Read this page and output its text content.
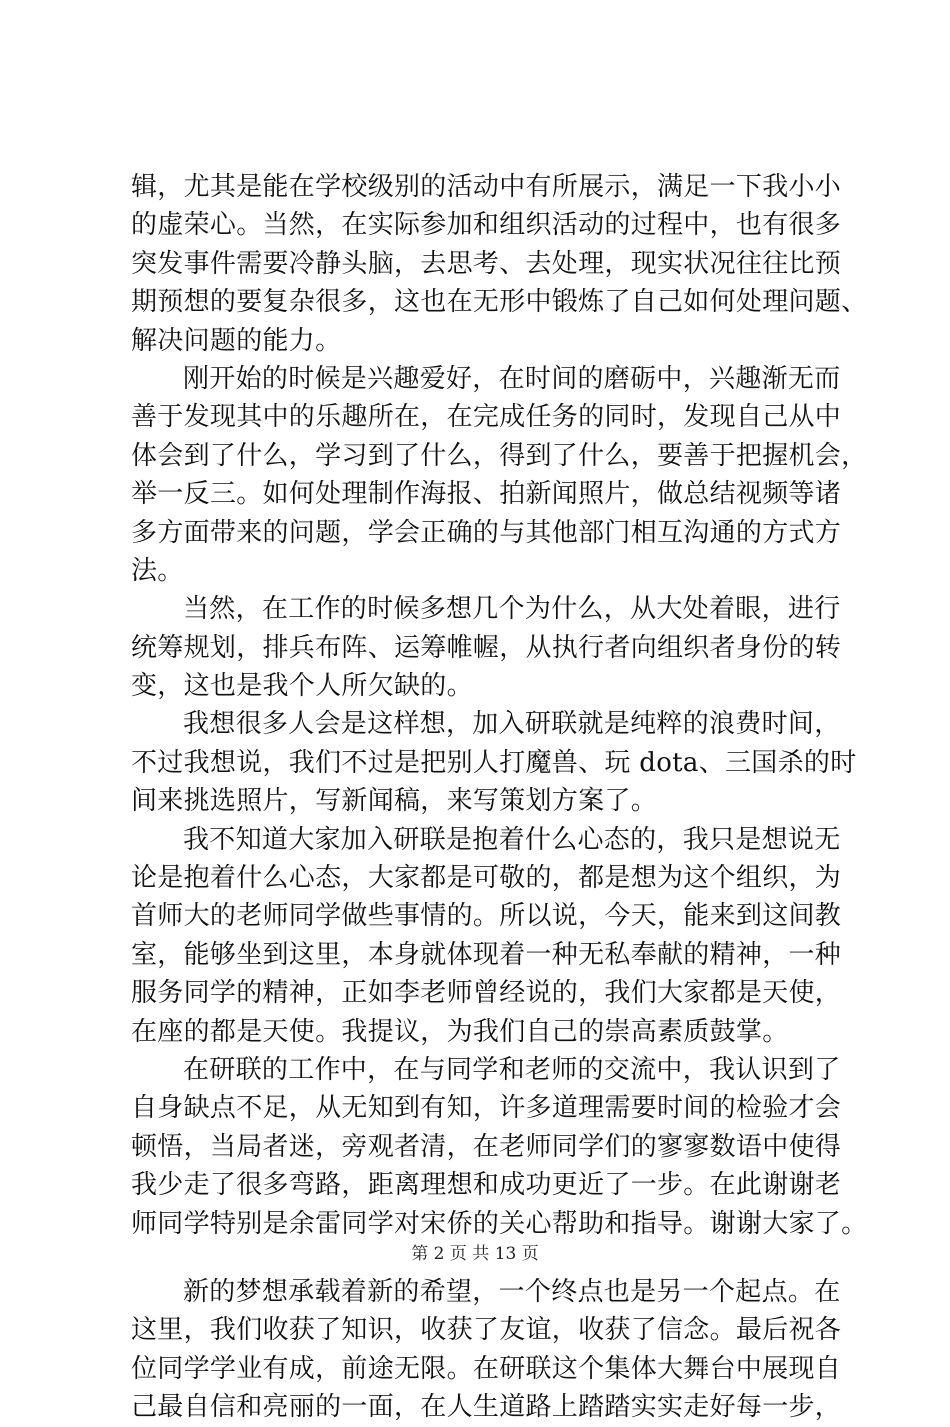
辑，尤其是能在学校级别的活动中有所展示，满足一下我小小
的虚荣心。当然，在实际参加和组织活动的过程中，也有很多
突发事件需要冷静头脑，去思考、去处理，现实状况往往比预
期预想的要复杂很多，这也在无形中锻炼了自己如何处理问题、
解决问题的能力。
刚开始的时候是兴趣爱好，在时间的磨砺中，兴趣渐无而
善于发现其中的乐趣所在，在完成任务的同时，发现自己从中
体会到了什么，学习到了什么，得到了什么，要善于把握机会，
举一反三。如何处理制作海报、拍新闻照片，做总结视频等诸
多方面带来的问题，学会正确的与其他部门相互沟通的方式方
法。
当然，在工作的时候多想几个为什么，从大处着眼，进行
统筹规划，排兵布阵、运筹帷幄，从执行者向组织者身份的转
变，这也是我个人所欠缺的。
我想很多人会是这样想，加入研联就是纯粹的浪费时间，
不过我想说，我们不过是把别人打魔兽、玩 dota、三国杀的时
间来挑选照片，写新闻稿，来写策划方案了。
我不知道大家加入研联是抱着什么心态的，我只是想说无
论是抱着什么心态，大家都是可敬的，都是想为这个组织，为
首师大的老师同学做些事情的。所以说，今天，能来到这间教
室，能够坐到这里，本身就体现着一种无私奉献的精神，一种
服务同学的精神，正如李老师曾经说的，我们大家都是天使，
在座的都是天使。我提议，为我们自己的崇高素质鼓掌。
在研联的工作中，在与同学和老师的交流中，我认识到了
自身缺点不足，从无知到有知，许多道理需要时间的检验才会
顿悟，当局者迷，旁观者清，在老师同学们的寥寥数语中使得
我少走了很多弯路，距离理想和成功更近了一步。在此谢谢老
师同学特别是余雷同学对宋侨的关心帮助和指导。谢谢大家了。
新的梦想承载着新的希望，一个终点也是另一个起点。在
这里，我们收获了知识，收获了友谊，收获了信念。最后祝各
位同学学业有成，前途无限。在研联这个集体大舞台中展现自
己最自信和亮丽的一面，在人生道路上踏踏实实走好每一步，
第 2 页 共 13 页
